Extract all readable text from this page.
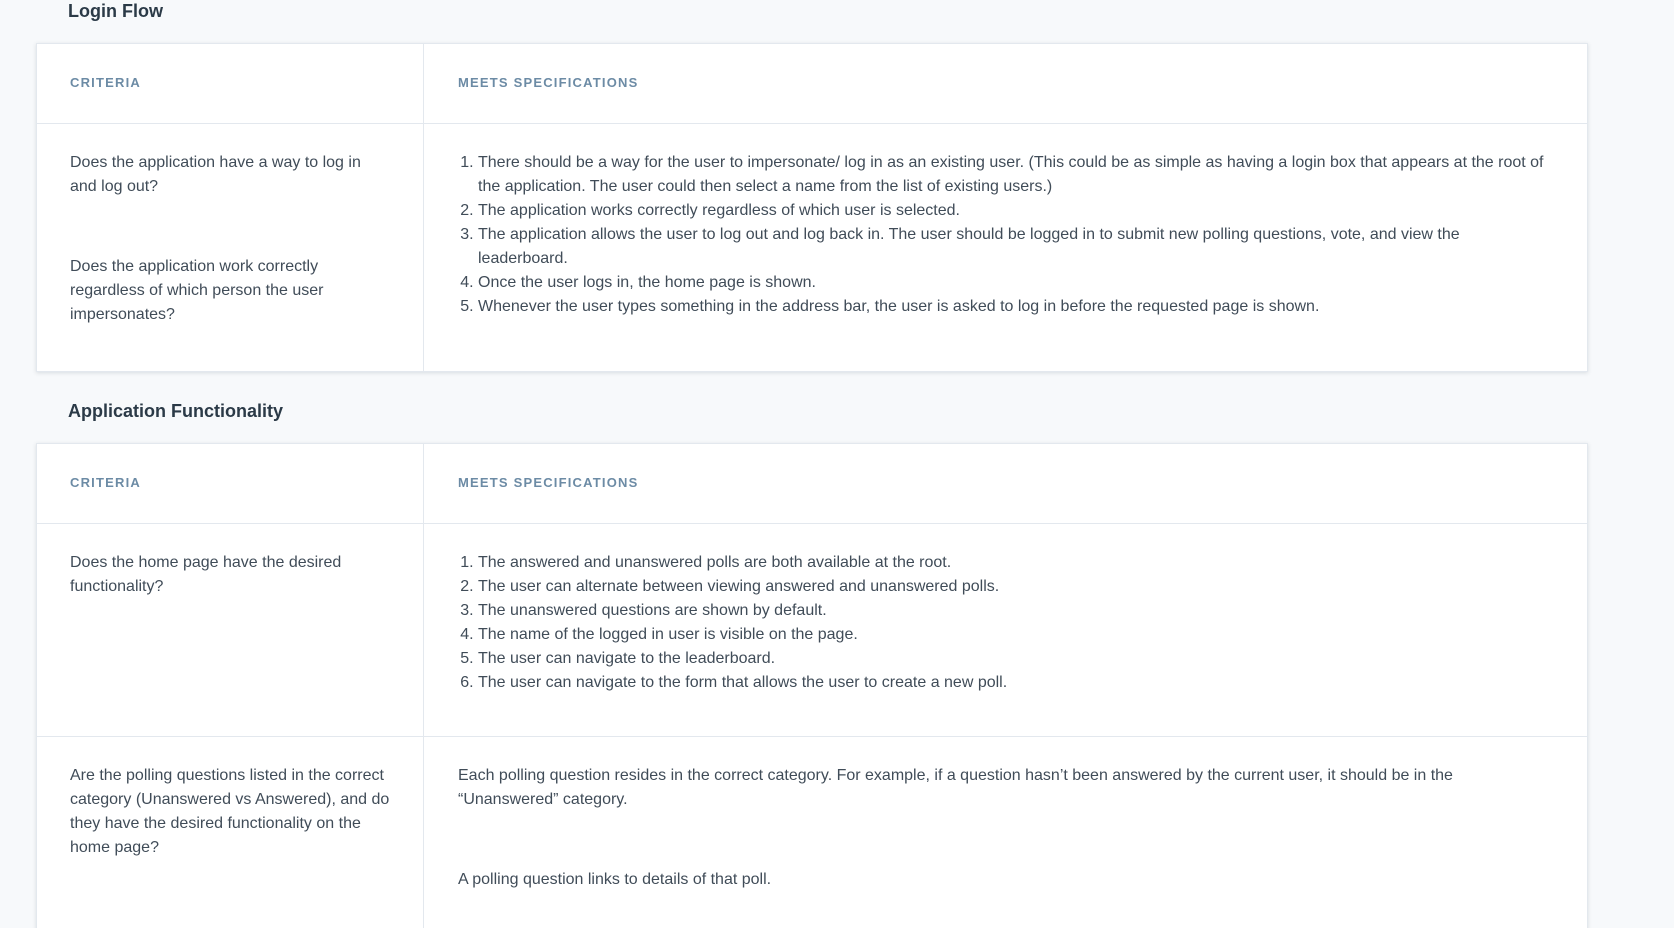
Login Flow
CRITERIA	MEETS SPECIFICATIONS

Does the application have a way to log in and log out?

Does the application work correctly regardless of which person the user impersonates?

1. There should be a way for the user to impersonate/ log in as an existing user. (This could be as simple as having a login box that appears at the root of the application. The user could then select a name from the list of existing users.)
2. The application works correctly regardless of which user is selected.
3. The application allows the user to log out and log back in. The user should be logged in to submit new polling questions, vote, and view the leaderboard.
4. Once the user logs in, the home page is shown.
5. Whenever the user types something in the address bar, the user is asked to log in before the requested page is shown.
Application Functionality
CRITERIA	MEETS SPECIFICATIONS

Does the home page have the desired functionality?

1. The answered and unanswered polls are both available at the root.
2. The user can alternate between viewing answered and unanswered polls.
3. The unanswered questions are shown by default.
4. The name of the logged in user is visible on the page.
5. The user can navigate to the leaderboard.
6. The user can navigate to the form that allows the user to create a new poll.

Are the polling questions listed in the correct category (Unanswered vs Answered), and do they have the desired functionality on the home page?

Each polling question resides in the correct category. For example, if a question hasn’t been answered by the current user, it should be in the “Unanswered” category.

A polling question links to details of that poll.
